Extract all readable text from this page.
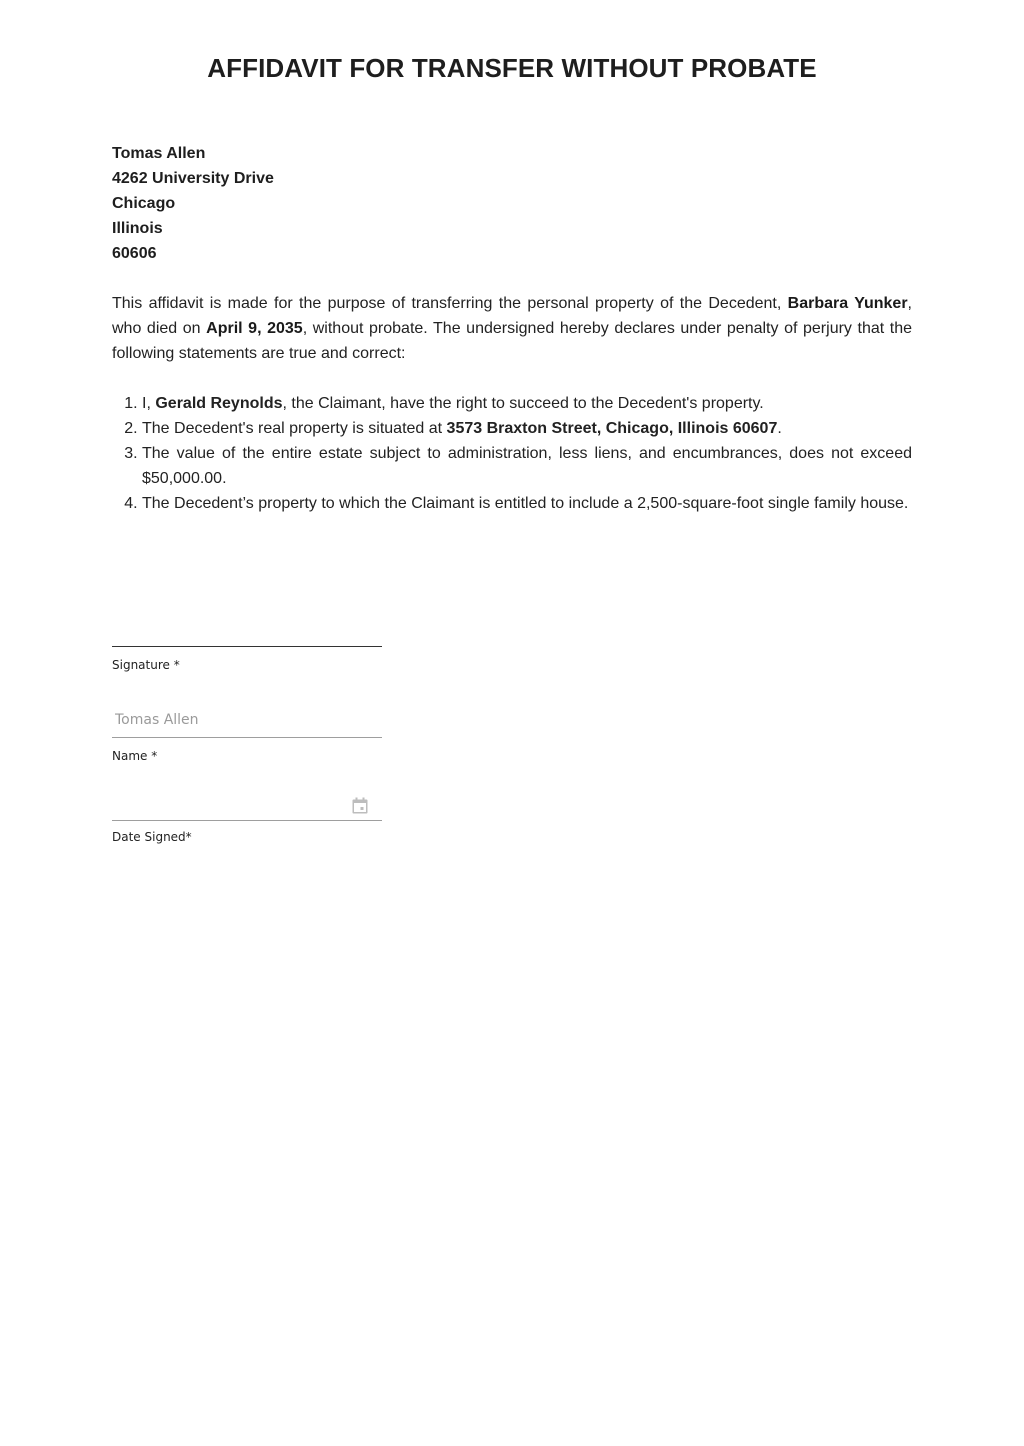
AFFIDAVIT FOR TRANSFER WITHOUT PROBATE
Tomas Allen
4262 University Drive
Chicago
Illinois
60606

This affidavit is made for the purpose of transferring the personal property of the Decedent, Barbara Yunker, who died on April 9, 2035, without probate. The undersigned hereby declares under penalty of perjury that the following statements are true and correct:

1. I, Gerald Reynolds, the Claimant, have the right to succeed to the Decedent's property.
2. The Decedent's real property is situated at 3573 Braxton Street, Chicago, Illinois 60607.
3. The value of the entire estate subject to administration, less liens, and encumbrances, does not exceed $50,000.00.
4. The Decedent’s property to which the Claimant is entitled to include a 2,500-square-foot single family house.
Signature *
Tomas Allen
Name *
Date Signed*
